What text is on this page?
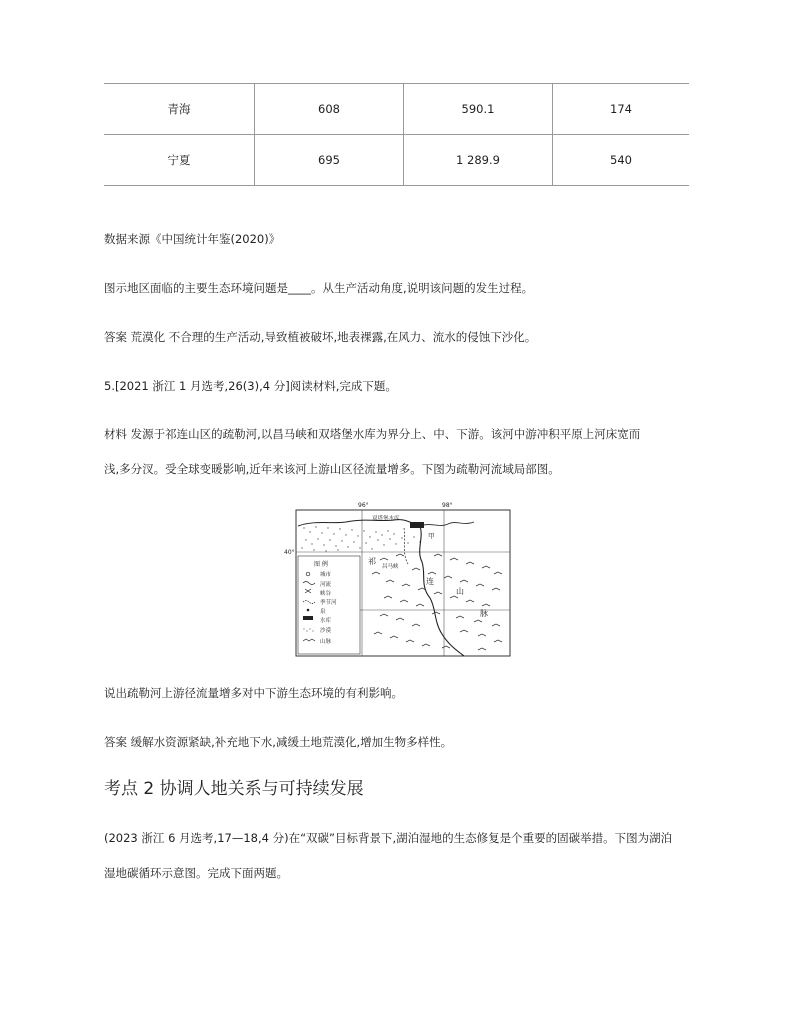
青海	608	590.1	174
宁夏	695	1 289.9	540
数据来源《中国统计年鉴(2020)》
图示地区面临的主要生态环境问题是____。从生产活动角度,说明该问题的发生过程。
答案 荒漠化 不合理的生产活动,导致植被破坏,地表裸露,在风力、流水的侵蚀下沙化。
5.[2021 浙江 1 月选考,26(3),4 分]阅读材料,完成下题。
材料 发源于祁连山区的疏勒河,以昌马峡和双塔堡水库为界分上、中、下游。该河中游冲积平原上河床宽而
浅,多分汊。受全球变暖影响,近年来该河上游山区径流量增多。下图为疏勒河流域局部图。
96°	98°
40°
双塔堡水库
甲
昌马峡
祁
连
山
脉
图 例
城市
河流
峡谷
季节河
泉
水库
沙漠
山脉
说出疏勒河上游径流量增多对中下游生态环境的有利影响。
答案 缓解水资源紧缺,补充地下水,减缓土地荒漠化,增加生物多样性。
考点 2 协调人地关系与可持续发展
(2023 浙江 6 月选考,17—18,4 分)在“双碳”目标背景下,湖泊湿地的生态修复是个重要的固碳举措。下图为湖泊
湿地碳循环示意图。完成下面两题。
